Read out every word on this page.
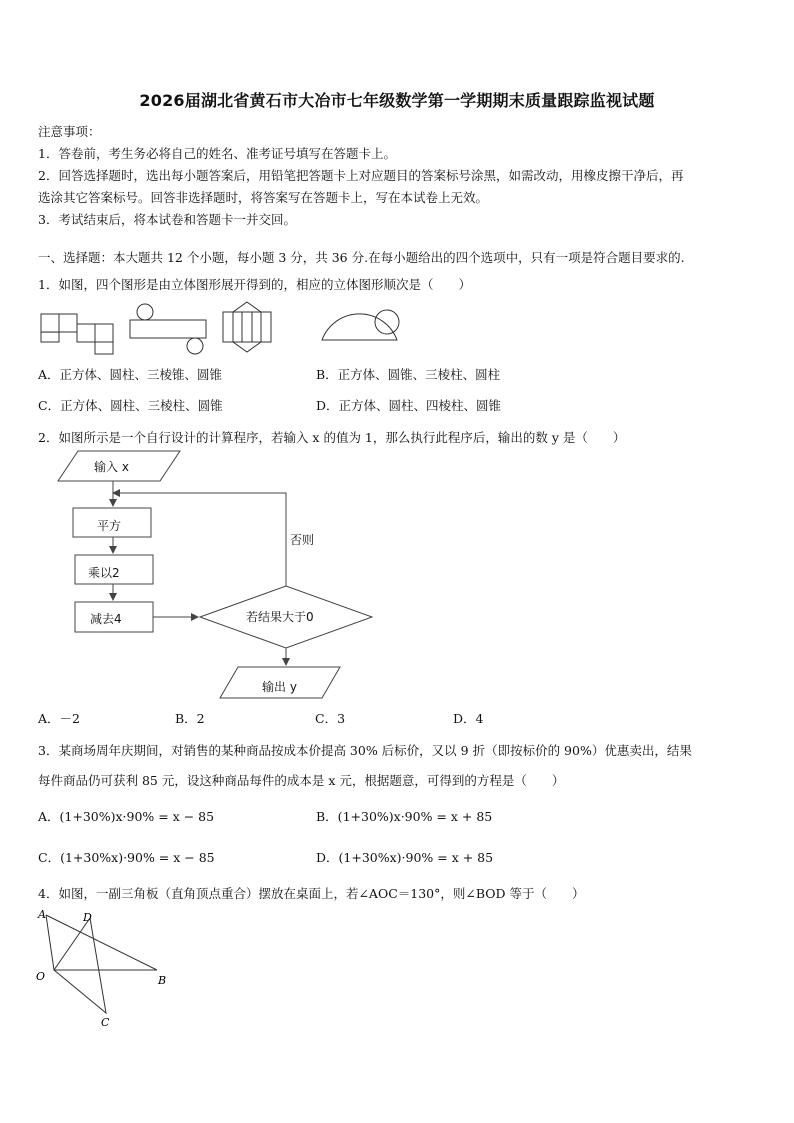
2026届湖北省黄石市大冶市七年级数学第一学期期末质量跟踪监视试题
注意事项：
1．答卷前，考生务必将自己的姓名、准考证号填写在答题卡上。
2．回答选择题时，选出每小题答案后，用铅笔把答题卡上对应题目的答案标号涂黑，如需改动，用橡皮擦干净后，再
选涂其它答案标号。回答非选择题时，将答案写在答题卡上，写在本试卷上无效。
3．考试结束后，将本试卷和答题卡一并交回。
一、选择题：本大题共 12 个小题，每小题 3 分，共 36 分.在每小题给出的四个选项中，只有一项是符合题目要求的.
1．如图，四个图形是由立体图形展开得到的，相应的立体图形顺次是（　　）
A．正方体、圆柱、三棱锥、圆锥	B．正方体、圆锥、三棱柱、圆柱
C．正方体、圆柱、三棱柱、圆锥	D．正方体、圆柱、四棱柱、圆锥
2．如图所示是一个自行设计的计算程序，若输入 x 的值为 1，那么执行此程序后，输出的数 y 是（　　）
输入 x
平方
乘以2
减去4	若结果大于0
否则
输出 y
A．－2	B．2	C．3	D．4
3．某商场周年庆期间，对销售的某种商品按成本价提高 30% 后标价，又以 9 折（即按标价的 90%）优惠卖出，结果
每件商品仍可获利 85 元，设这种商品每件的成本是 x 元，根据题意，可得到的方程是（　　）
A．(1+30%)x·90% = x − 85	B．(1+30%)x·90% = x + 85
C．(1+30%x)·90% = x − 85	D．(1+30%x)·90% = x + 85
4．如图，一副三角板（直角顶点重合）摆放在桌面上，若∠AOC＝130°，则∠BOD 等于（　　）
A	D
O	B
C
